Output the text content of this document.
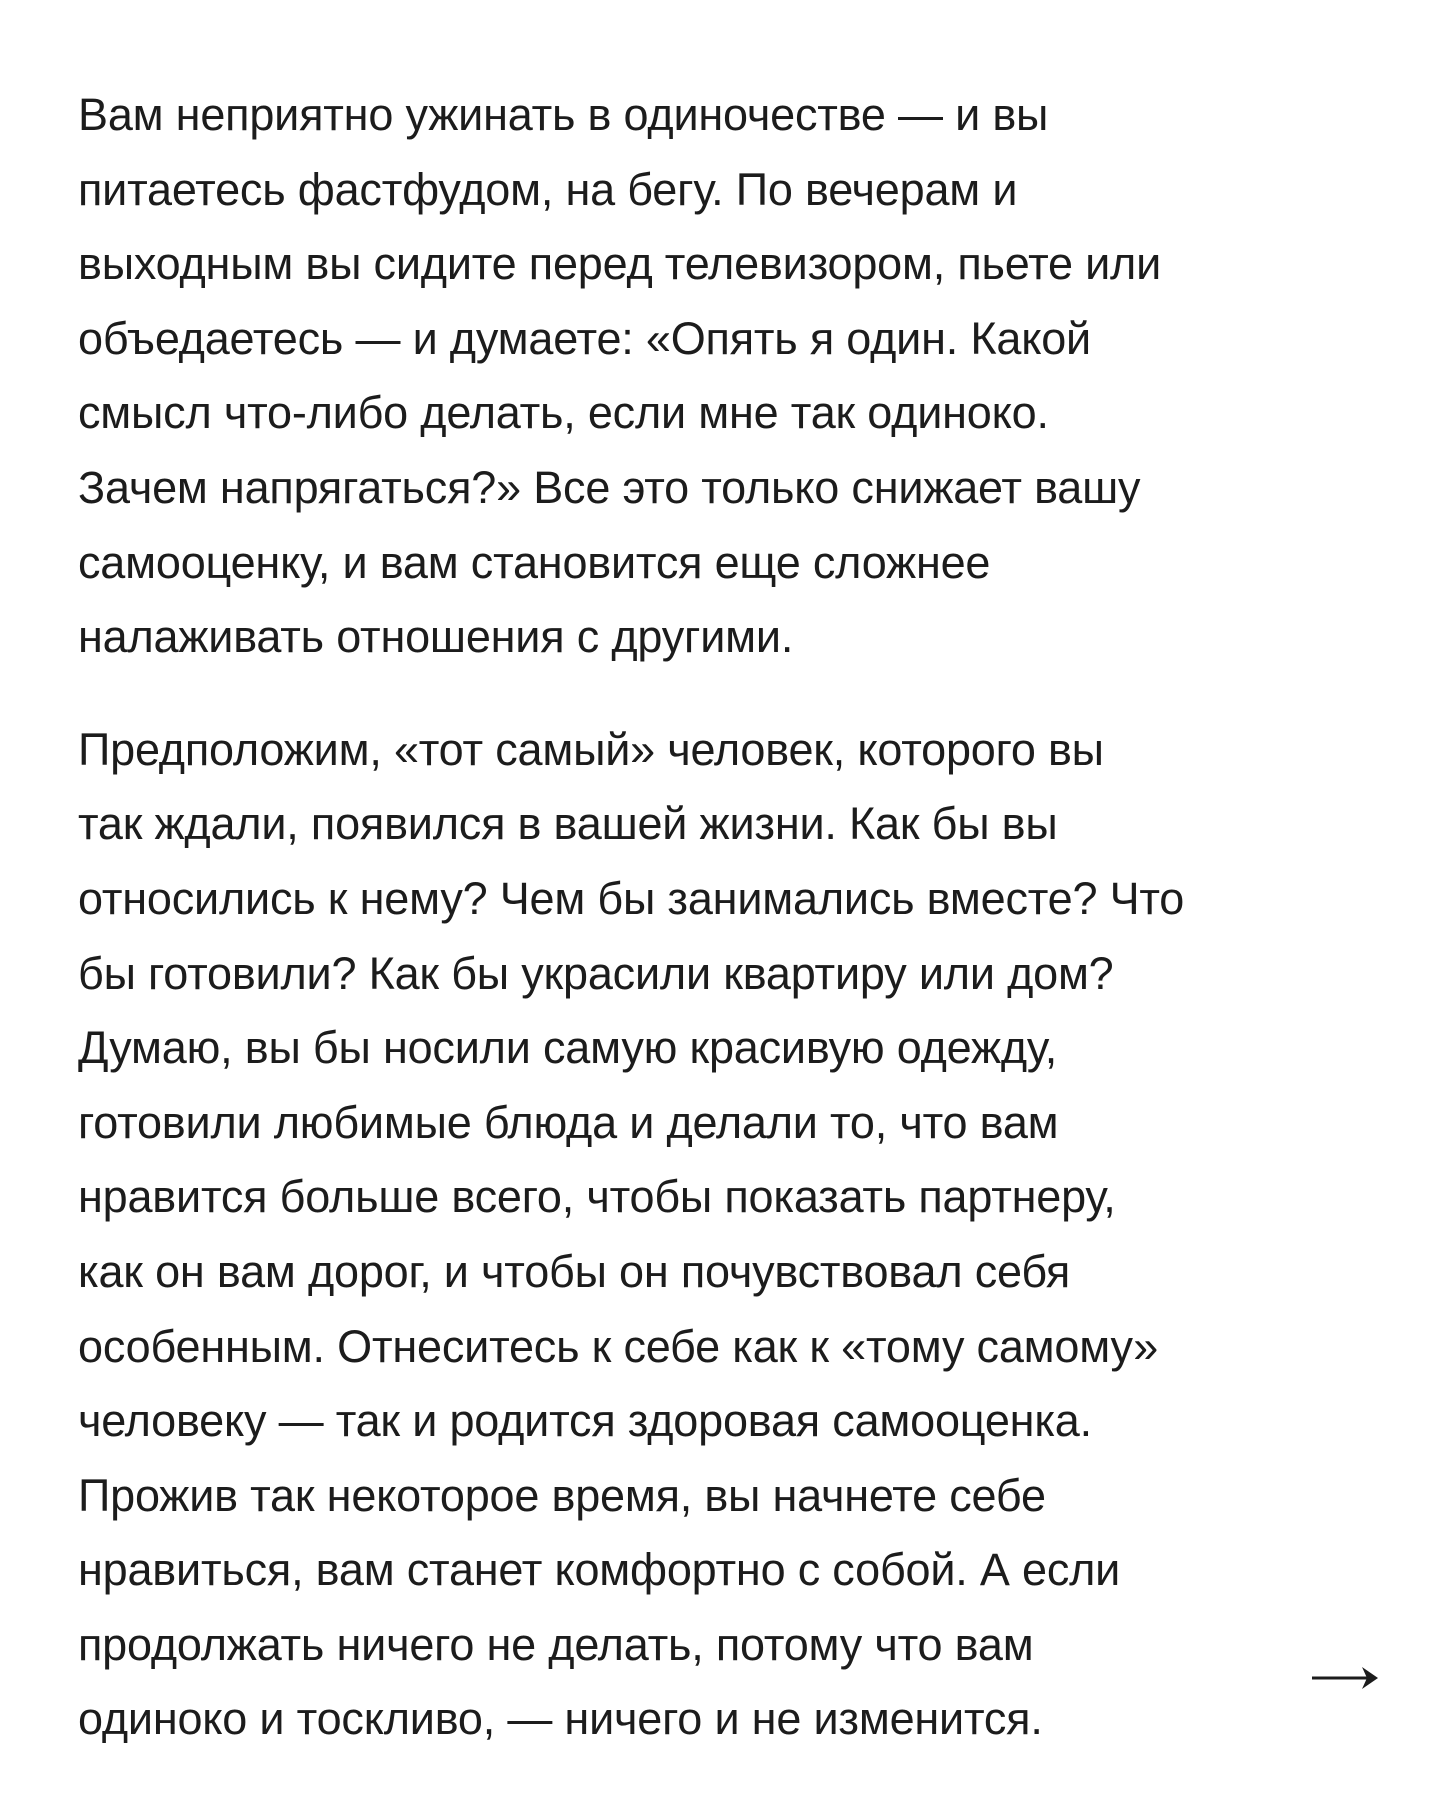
Вам неприятно ужинать в одиночестве — и вы
питаетесь фастфудом, на бегу. По вечерам и
выходным вы сидите перед телевизором, пьете или
объедаетесь — и думаете: «Опять я один. Какой
смысл что-либо делать, если мне так одиноко.
Зачем напрягаться?» Все это только снижает вашу
самооценку, и вам становится еще сложнее
налаживать отношения с другими.
Предположим, «тот самый» человек, которого вы
так ждали, появился в вашей жизни. Как бы вы
относились к нему? Чем бы занимались вместе? Что
бы готовили? Как бы украсили квартиру или дом?
Думаю, вы бы носили самую красивую одежду,
готовили любимые блюда и делали то, что вам
нравится больше всего, чтобы показать партнеру,
как он вам дорог, и чтобы он почувствовал себя
особенным. Отнеситесь к себе как к «тому самому»
человеку — так и родится здоровая самооценка.
Прожив так некоторое время, вы начнете себе
нравиться, вам станет комфортно с собой. А если
продолжать ничего не делать, потому что вам
одиноко и тоскливо, — ничего и не изменится.
